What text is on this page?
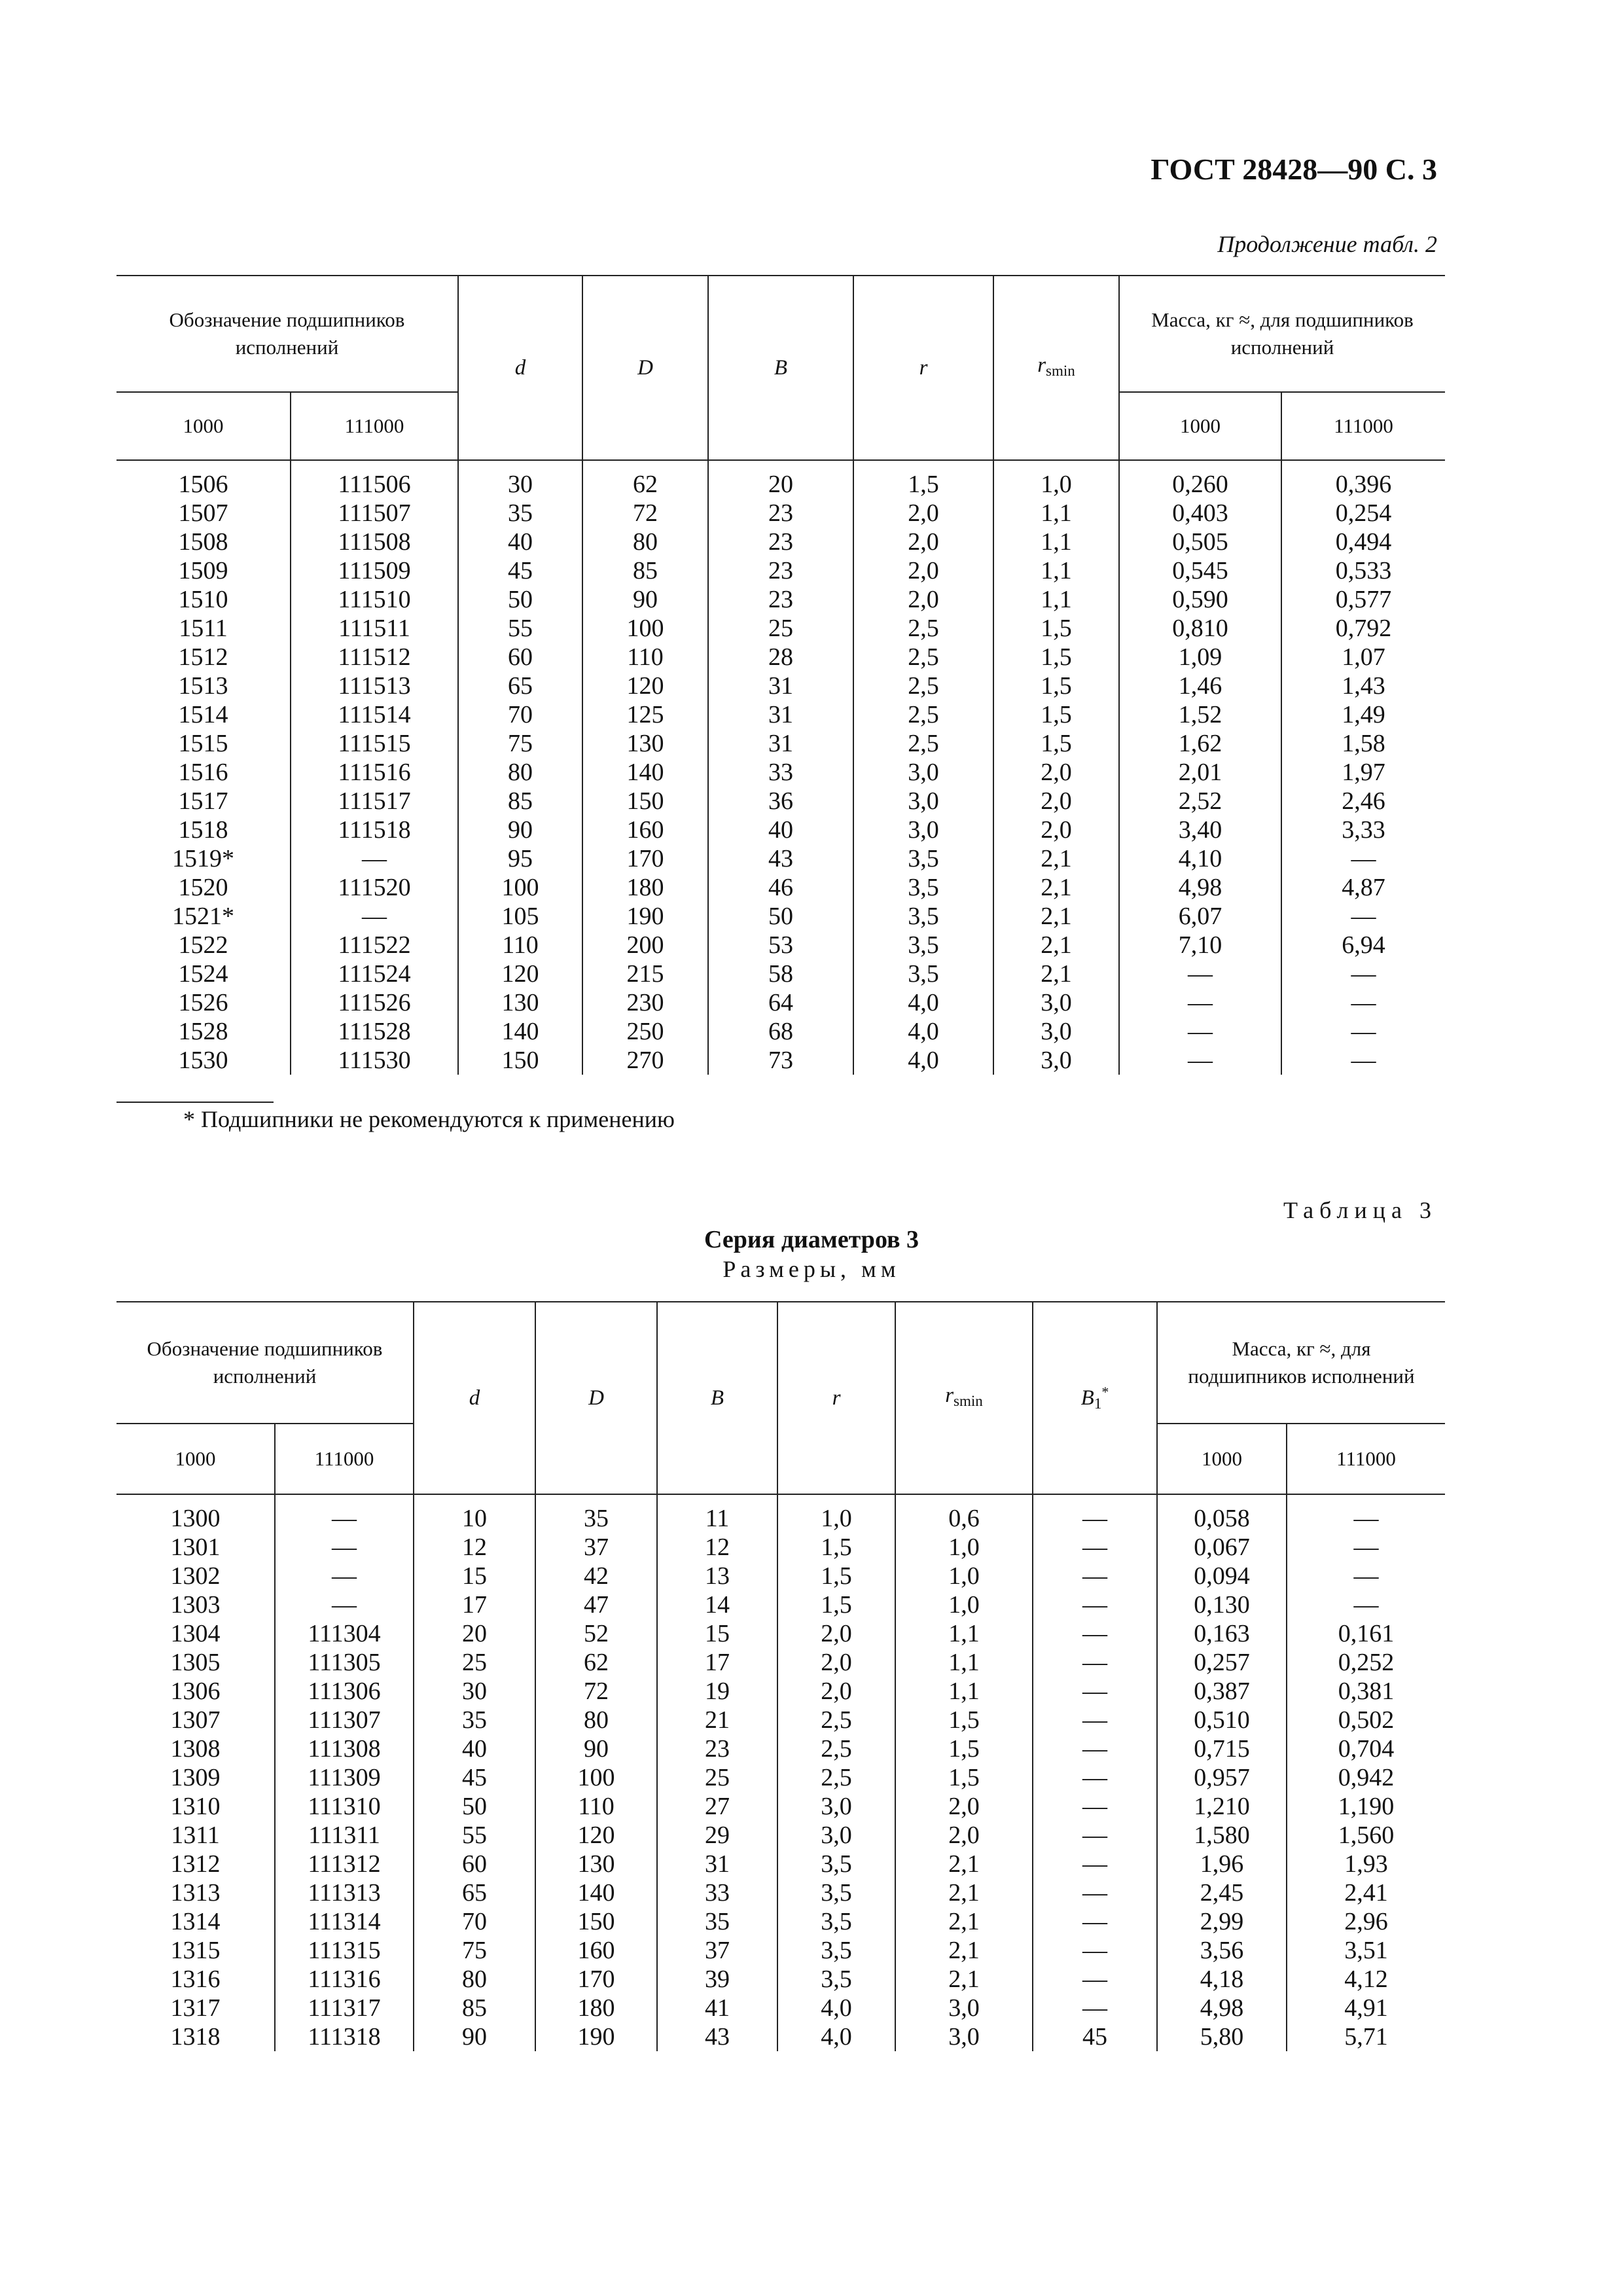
ГОСТ 28428—90 С. 3
Продолжение табл. 2
Обозначение подшипников исполнений		d	D	B	r	$r_{smin}$	Масса, кг ≈, для подшипников исполнений	
1000	111000						1000	111000

1506	111506	30	62	20	1,5	1,0	0,260	0,396
1507	111507	35	72	23	2,0	1,1	0,403	0,254
1508	111508	40	80	23	2,0	1,1	0,505	0,494
1509	111509	45	85	23	2,0	1,1	0,545	0,533
1510	111510	50	90	23	2,0	1,1	0,590	0,577
1511	111511	55	100	25	2,5	1,5	0,810	0,792
1512	111512	60	110	28	2,5	1,5	1,09	1,07
1513	111513	65	120	31	2,5	1,5	1,46	1,43
1514	111514	70	125	31	2,5	1,5	1,52	1,49
1515	111515	75	130	31	2,5	1,5	1,62	1,58
1516	111516	80	140	33	3,0	2,0	2,01	1,97
1517	111517	85	150	36	3,0	2,0	2,52	2,46
1518	111518	90	160	40	3,0	2,0	3,40	3,33
1519*	—	95	170	43	3,5	2,1	4,10	—
1520	111520	100	180	46	3,5	2,1	4,98	4,87
1521*	—	105	190	50	3,5	2,1	6,07	—
1522	111522	110	200	53	3,5	2,1	7,10	6,94
1524	111524	120	215	58	3,5	2,1	—	—
1526	111526	130	230	64	4,0	3,0	—	—
1528	111528	140	250	68	4,0	3,0	—	—
1530	111530	150	270	73	4,0	3,0	—	—
* Подшипники не рекомендуются к применению
Таблица 3
Серия диаметров 3
Размеры, мм
Обозначение подшипников исполнений		d	D	B	r	$r_{smin}$	$B_1^*$	Масса, кг ≈, для подшипников исполнений	
1000	111000							1000	111000

1300	—	10	35	11	1,0	0,6	—	0,058	—
1301	—	12	37	12	1,5	1,0	—	0,067	—
1302	—	15	42	13	1,5	1,0	—	0,094	—
1303	—	17	47	14	1,5	1,0	—	0,130	—
1304	111304	20	52	15	2,0	1,1	—	0,163	0,161
1305	111305	25	62	17	2,0	1,1	—	0,257	0,252
1306	111306	30	72	19	2,0	1,1	—	0,387	0,381
1307	111307	35	80	21	2,5	1,5	—	0,510	0,502
1308	111308	40	90	23	2,5	1,5	—	0,715	0,704
1309	111309	45	100	25	2,5	1,5	—	0,957	0,942
1310	111310	50	110	27	3,0	2,0	—	1,210	1,190
1311	111311	55	120	29	3,0	2,0	—	1,580	1,560
1312	111312	60	130	31	3,5	2,1	—	1,96	1,93
1313	111313	65	140	33	3,5	2,1	—	2,45	2,41
1314	111314	70	150	35	3,5	2,1	—	2,99	2,96
1315	111315	75	160	37	3,5	2,1	—	3,56	3,51
1316	111316	80	170	39	3,5	2,1	—	4,18	4,12
1317	111317	85	180	41	4,0	3,0	—	4,98	4,91
1318	111318	90	190	43	4,0	3,0	45	5,80	5,71
